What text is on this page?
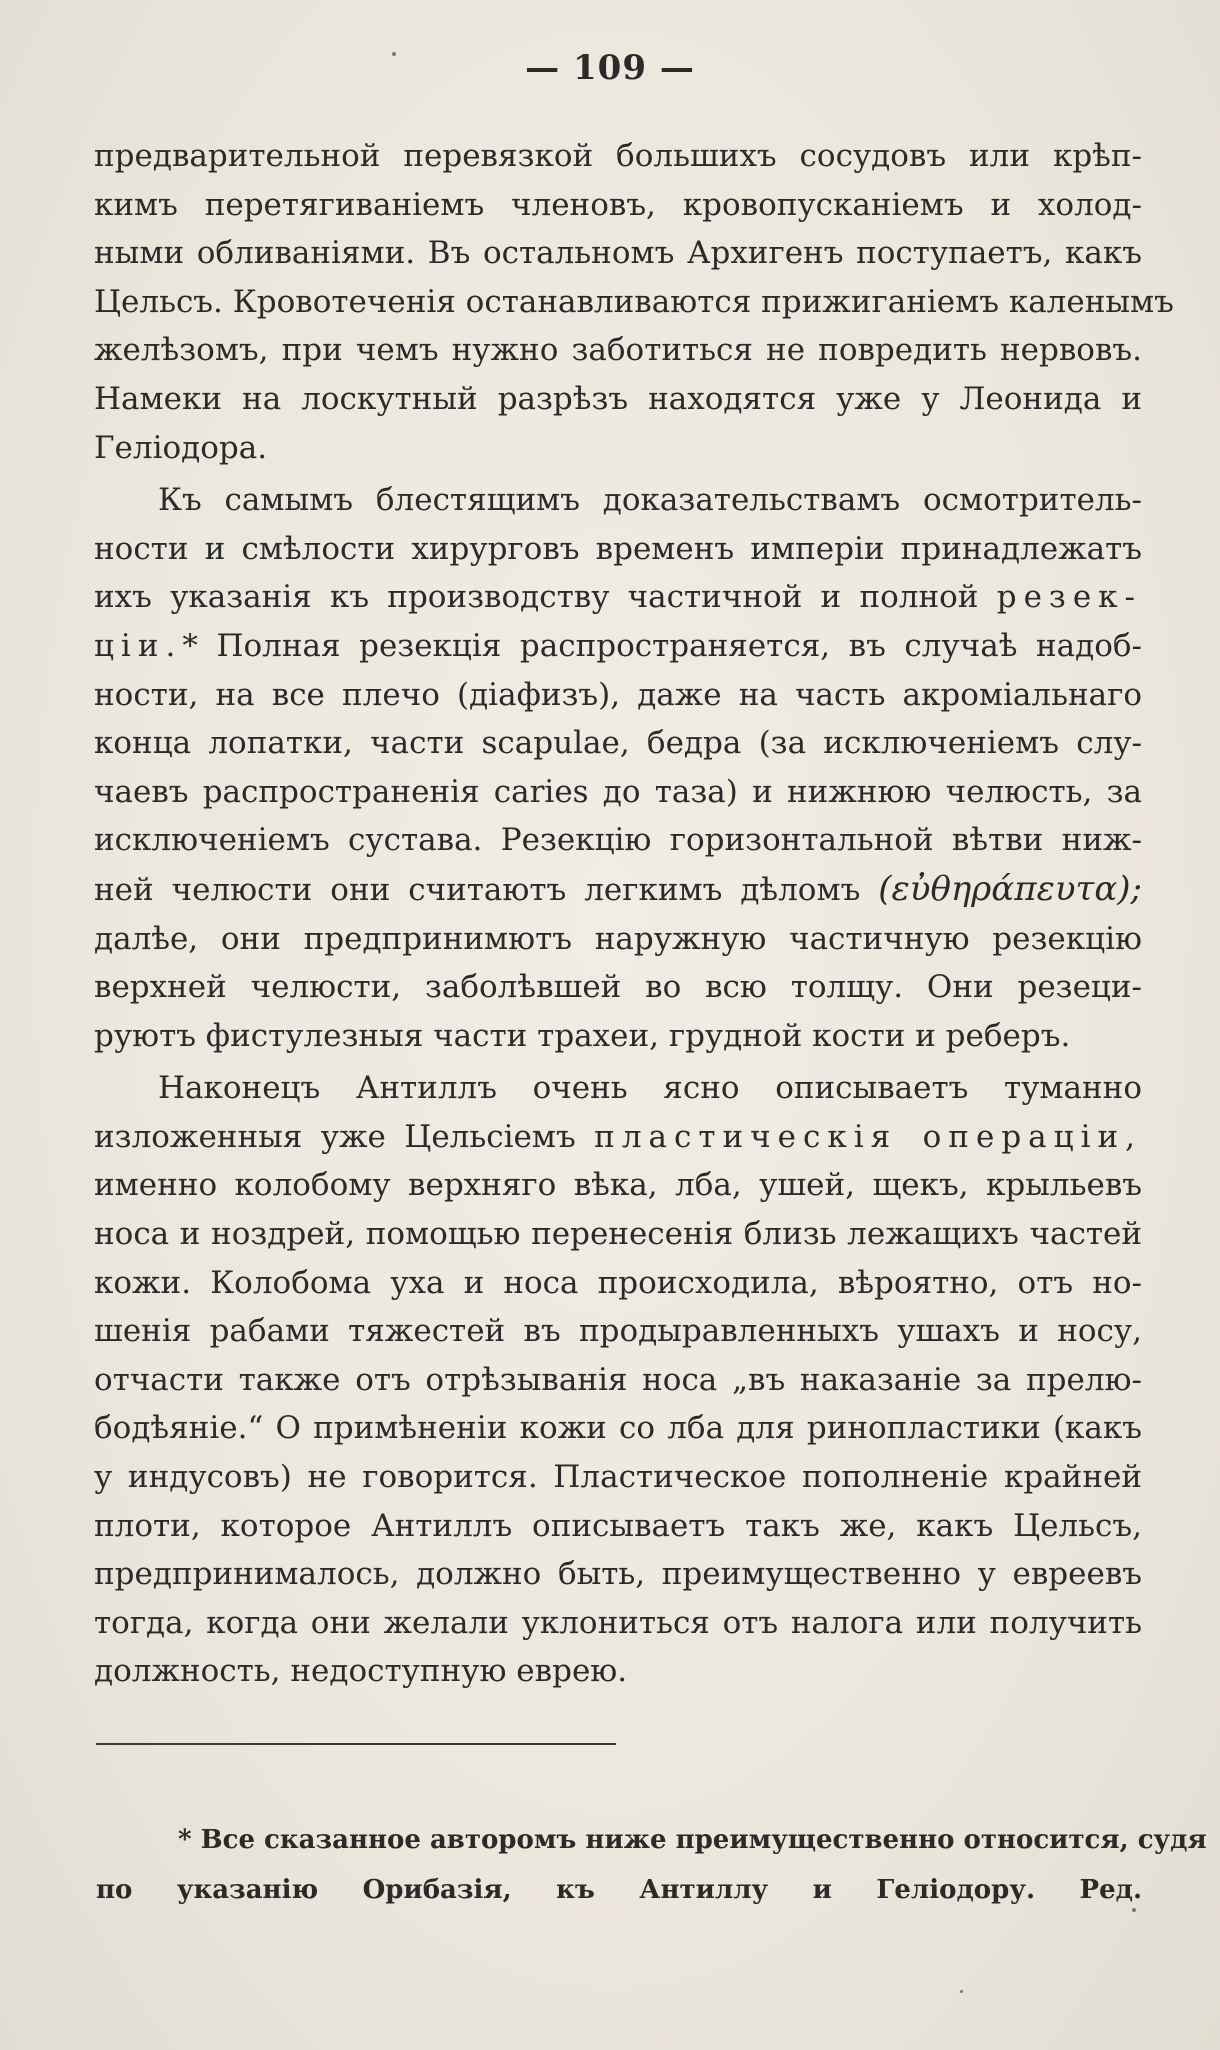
— 109 —

предварительной перевязкой большихъ сосудовъ или крѣп-
кимъ перетягиваніемъ членовъ, кровопусканіемъ и холод-
ными обливаніями. Въ остальномъ Архигенъ поступаетъ, какъ
Цельсъ. Кровотеченія останавливаются прижиганіемъ каленымъ
желѣзомъ, при чемъ нужно заботиться не повредить нервовъ.
Намеки на лоскутный разрѣзъ находятся уже у Леонида и
Геліодора.

Къ самымъ блестящимъ доказательствамъ осмотритель-
ности и смѣлости хирурговъ временъ имперіи принадлежатъ
ихъ указанія къ производству частичной и полной резек-
ціи.* Полная резекція распространяется, въ случаѣ надоб-
ности, на все плечо (діафизъ), даже на часть акроміальнаго
конца лопатки, части scapulae, бедра (за исключеніемъ слу-
чаевъ распространенія caries до таза) и нижнюю челюсть, за
исключеніемъ сустава. Резекцію горизонтальной вѣтви ниж-
ней челюсти они считаютъ легкимъ дѣломъ (εὐθηράπευτα);
далѣе, они предпринимютъ наружную частичную резекцію
верхней челюсти, заболѣвшей во всю толщу. Они резеци-
руютъ фистулезныя части трахеи, грудной кости и реберъ.

Наконецъ Антиллъ очень ясно описываетъ туманно
изложенныя уже Цельсіемъ пластическія операціи,
именно колобому верхняго вѣка, лба, ушей, щекъ, крыльевъ
носа и ноздрей, помощью перенесенія близь лежащихъ частей
кожи. Колобома уха и носа происходила, вѣроятно, отъ но-
шенія рабами тяжестей въ продыравленныхъ ушахъ и носу,
отчасти также отъ отрѣзыванія носа „въ наказаніе за прелю-
бодѣяніе.“ О примѣненіи кожи со лба для ринопластики (какъ
у индусовъ) не говорится. Пластическое пополненіе крайней
плоти, которое Антиллъ описываетъ такъ же, какъ Цельсъ,
предпринималось, должно быть, преимущественно у евреевъ
тогда, когда они желали уклониться отъ налога или получить
должность, недоступную еврею.

* Все сказанное авторомъ ниже преимущественно относится, судя
по указанію Орибазія, къ Антиллу и Геліодору. Ред.
